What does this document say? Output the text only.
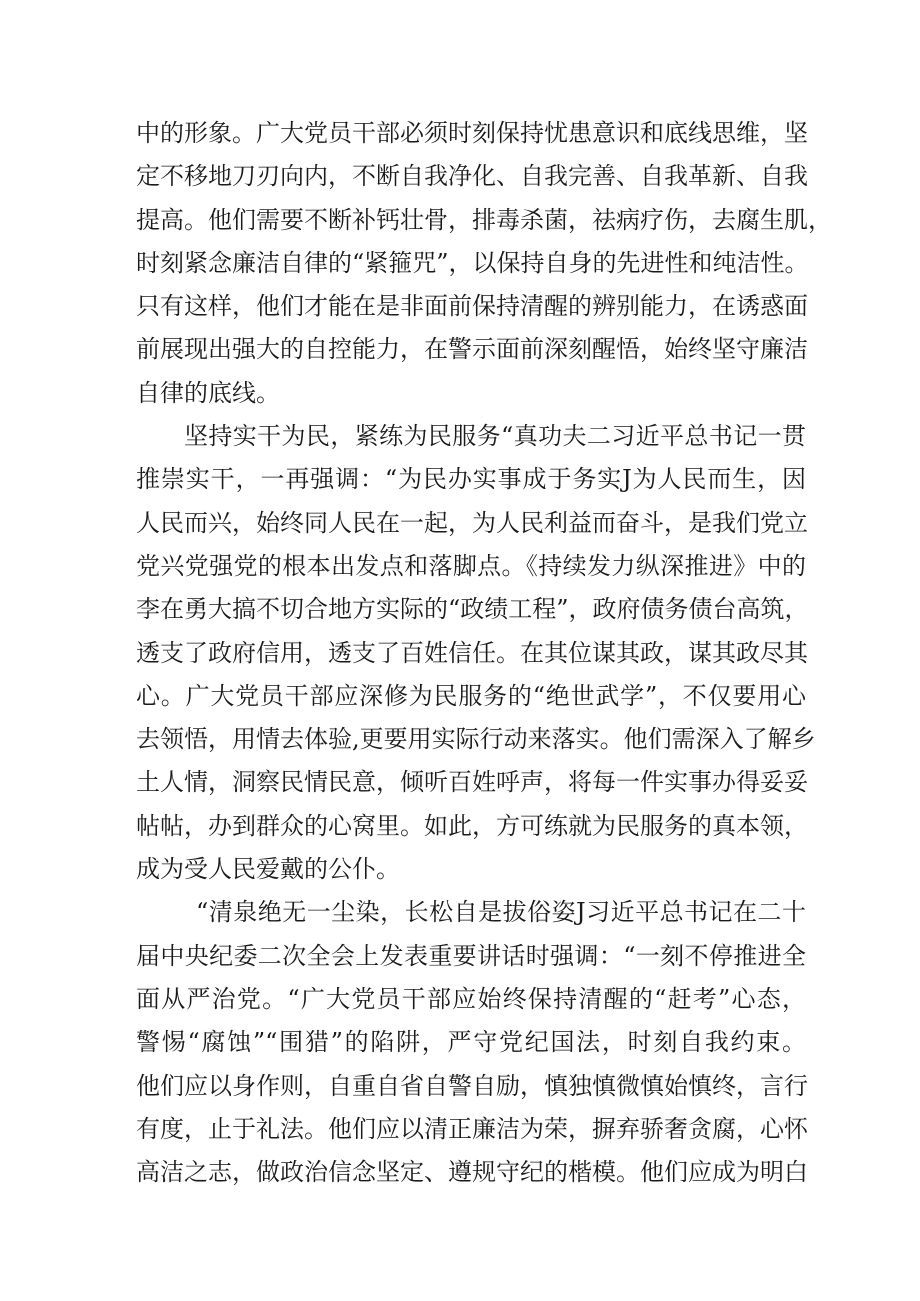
中的形象。广大党员干部必须时刻保持忧患意识和底线思维，坚
定不移地刀刃向内，不断自我净化、自我完善、自我革新、自我
提高。他们需要不断补钙壮骨，排毒杀菌，祛病疗伤，去腐生肌，
时刻紧念廉洁自律的“紧箍咒”，以保持自身的先进性和纯洁性。
只有这样，他们才能在是非面前保持清醒的辨别能力，在诱惑面
前展现出强大的自控能力，在警示面前深刻醒悟，始终坚守廉洁
自律的底线。
坚持实干为民，紧练为民服务“真功夫二习近平总书记一贯
推崇实干，一再强调：“为民办实事成于务实J为人民而生，因
人民而兴，始终同人民在一起，为人民利益而奋斗，是我们党立
党兴党强党的根本出发点和落脚点。《持续发力纵深推进》中的
李在勇大搞不切合地方实际的“政绩工程”，政府债务债台高筑，
透支了政府信用，透支了百姓信任。在其位谋其政，谋其政尽其
心。广大党员干部应深修为民服务的“绝世武学”，不仅要用心
去领悟，用情去体验,更要用实际行动来落实。他们需深入了解乡
土人情，洞察民情民意，倾听百姓呼声，将每一件实事办得妥妥
帖帖，办到群众的心窝里。如此，方可练就为民服务的真本领，
成为受人民爱戴的公仆。
“清泉绝无一尘染，长松自是拔俗姿J习近平总书记在二十
届中央纪委二次全会上发表重要讲话时强调：“一刻不停推进全
面从严治党。“广大党员干部应始终保持清醒的“赶考”心态，
警惕“腐蚀”“围猎”的陷阱，严守党纪国法，时刻自我约束。
他们应以身作则，自重自省自警自励，慎独慎微慎始慎终，言行
有度，止于礼法。他们应以清正廉洁为荣，摒弃骄奢贪腐，心怀
高洁之志，做政治信念坚定、遵规守纪的楷模。他们应成为明白
